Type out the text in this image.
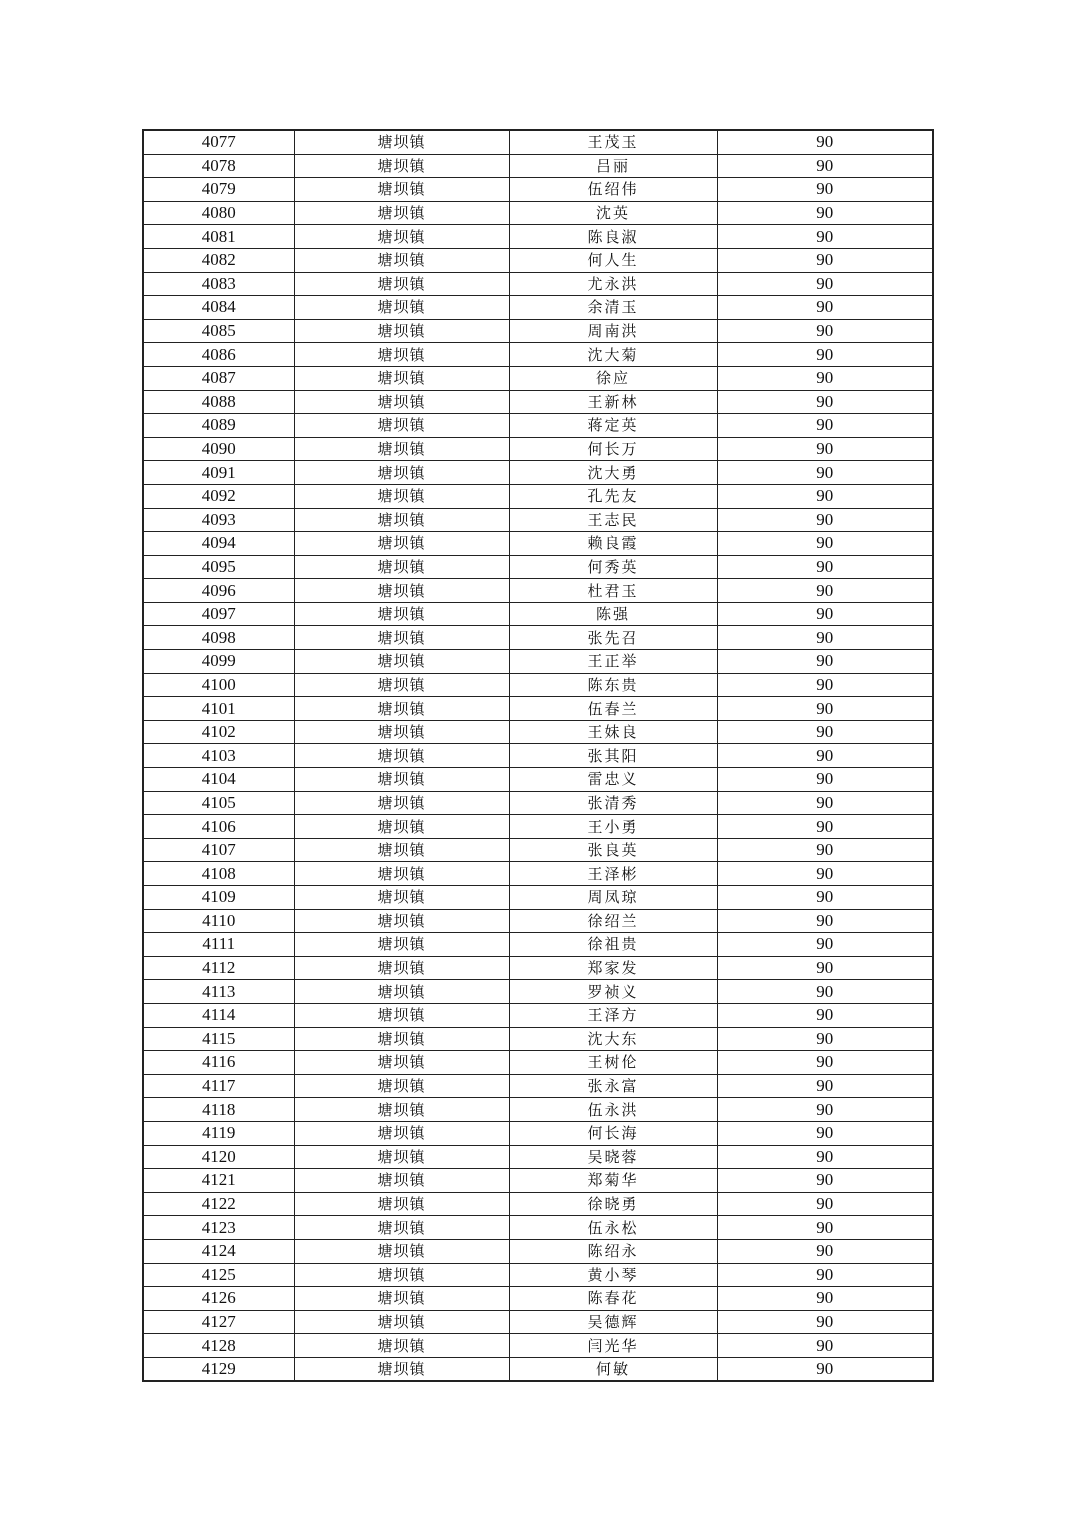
4077	塘坝镇	王茂玉	90
4078	塘坝镇	吕丽	90
4079	塘坝镇	伍绍伟	90
4080	塘坝镇	沈英	90
4081	塘坝镇	陈良淑	90
4082	塘坝镇	何人生	90
4083	塘坝镇	尤永洪	90
4084	塘坝镇	余清玉	90
4085	塘坝镇	周南洪	90
4086	塘坝镇	沈大菊	90
4087	塘坝镇	徐应	90
4088	塘坝镇	王新林	90
4089	塘坝镇	蒋定英	90
4090	塘坝镇	何长万	90
4091	塘坝镇	沈大勇	90
4092	塘坝镇	孔先友	90
4093	塘坝镇	王志民	90
4094	塘坝镇	赖良霞	90
4095	塘坝镇	何秀英	90
4096	塘坝镇	杜君玉	90
4097	塘坝镇	陈强	90
4098	塘坝镇	张先召	90
4099	塘坝镇	王正举	90
4100	塘坝镇	陈东贵	90
4101	塘坝镇	伍春兰	90
4102	塘坝镇	王妹良	90
4103	塘坝镇	张其阳	90
4104	塘坝镇	雷忠义	90
4105	塘坝镇	张清秀	90
4106	塘坝镇	王小勇	90
4107	塘坝镇	张良英	90
4108	塘坝镇	王泽彬	90
4109	塘坝镇	周凤琼	90
4110	塘坝镇	徐绍兰	90
4111	塘坝镇	徐祖贵	90
4112	塘坝镇	郑家发	90
4113	塘坝镇	罗祯义	90
4114	塘坝镇	王泽方	90
4115	塘坝镇	沈大东	90
4116	塘坝镇	王树伦	90
4117	塘坝镇	张永富	90
4118	塘坝镇	伍永洪	90
4119	塘坝镇	何长海	90
4120	塘坝镇	吴晓蓉	90
4121	塘坝镇	郑菊华	90
4122	塘坝镇	徐晓勇	90
4123	塘坝镇	伍永松	90
4124	塘坝镇	陈绍永	90
4125	塘坝镇	黄小琴	90
4126	塘坝镇	陈春花	90
4127	塘坝镇	吴德辉	90
4128	塘坝镇	闫光华	90
4129	塘坝镇	何敏	90
